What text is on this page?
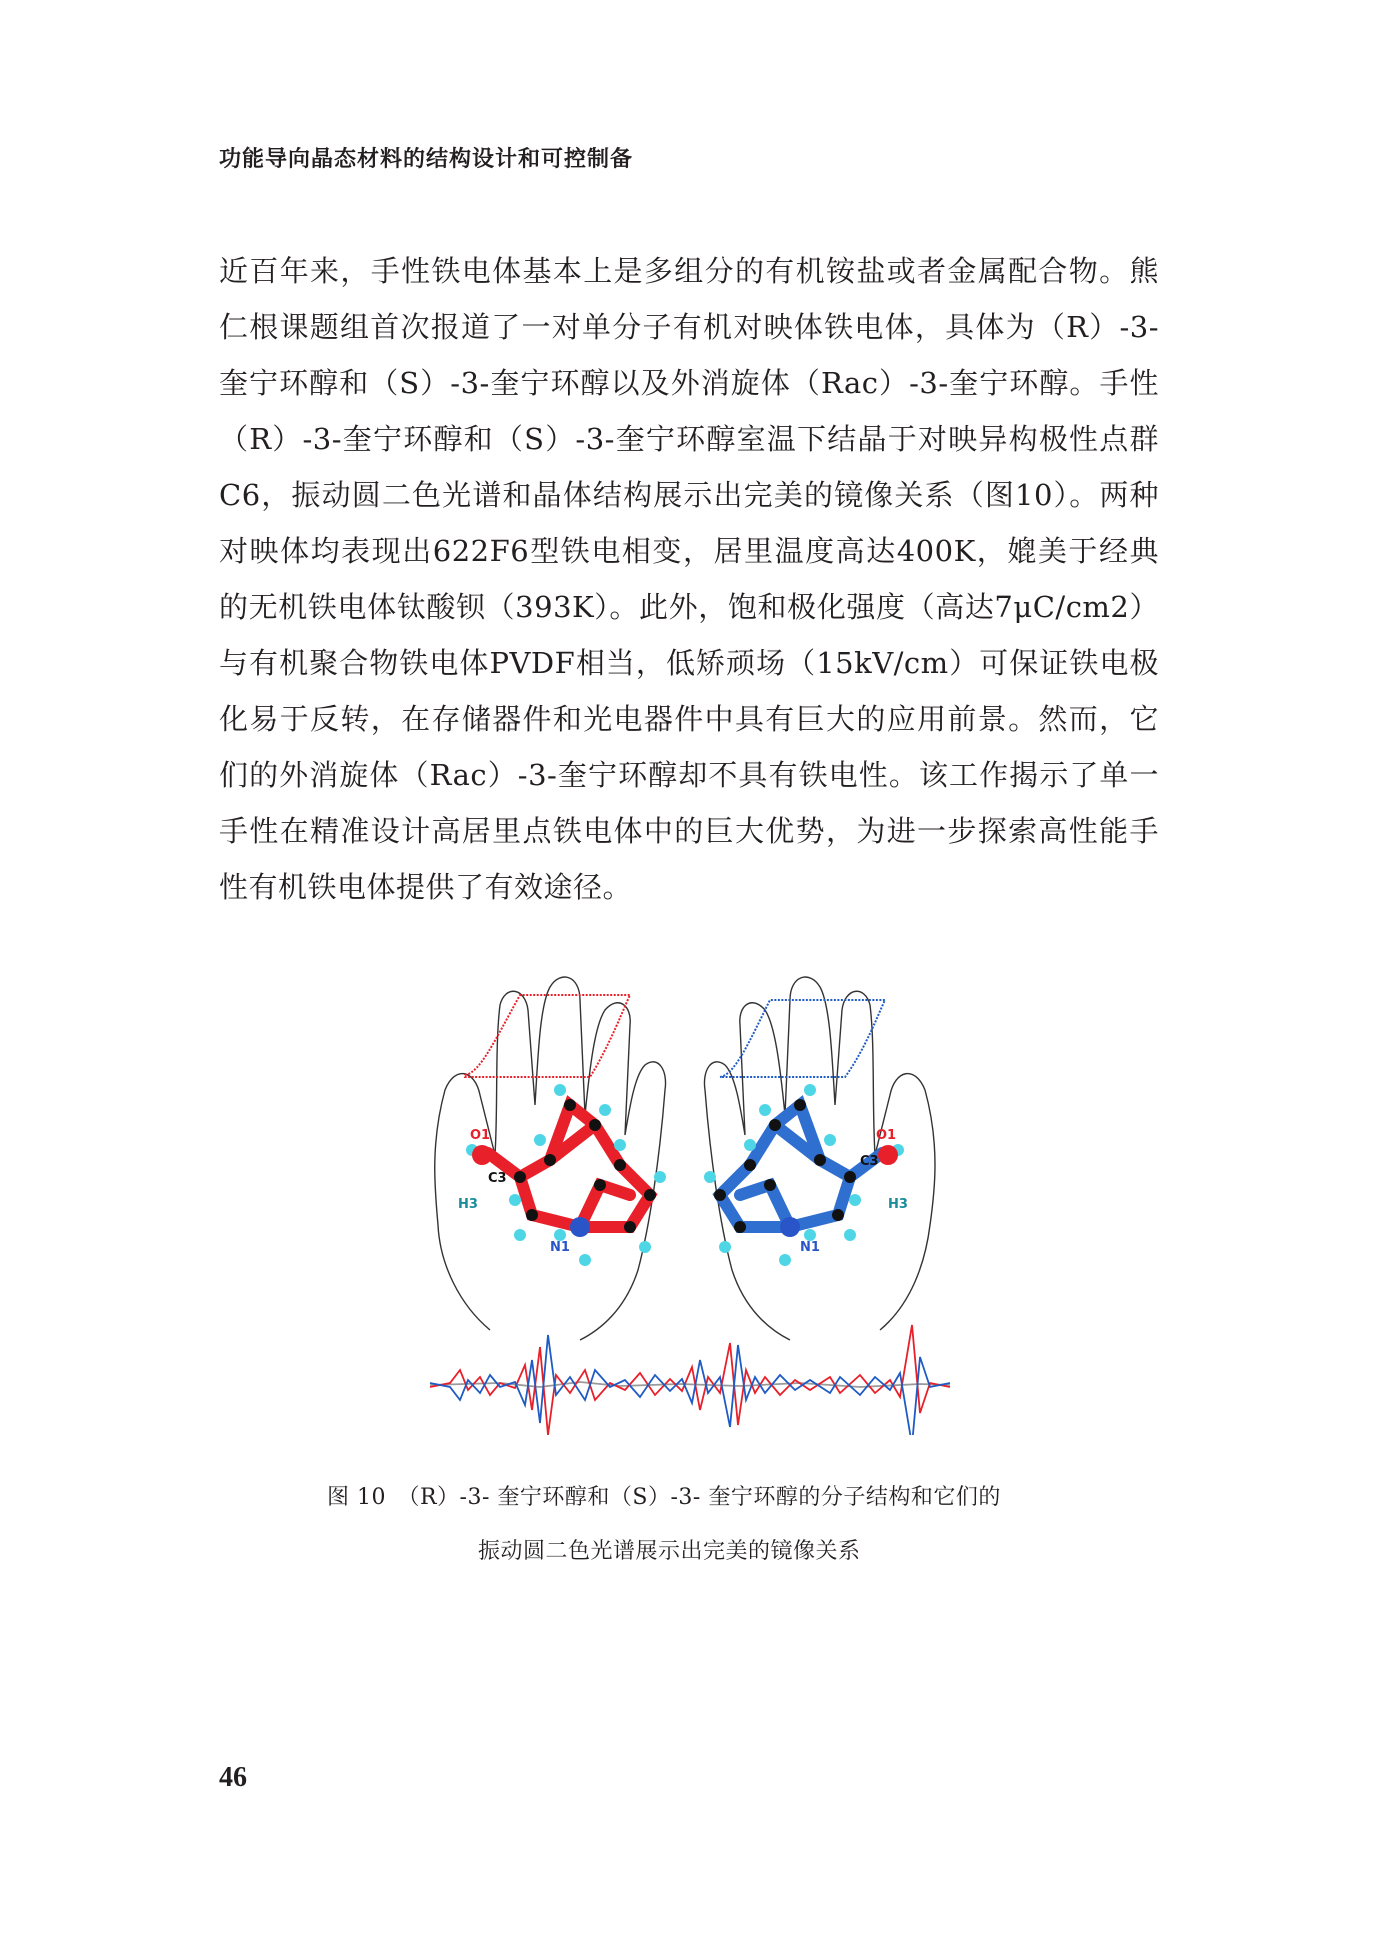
功能导向晶态材料的结构设计和可控制备

近百年来，手性铁电体基本上是多组分的有机铵盐或者金属配合物。熊仁根课题组首次报道了一对单分子有机对映体铁电体，具体为（R）-3-奎宁环醇和（S）-3-奎宁环醇以及外消旋体（Rac）-3-奎宁环醇。手性（R）-3-奎宁环醇和（S）-3-奎宁环醇室温下结晶于对映异构极性点群C6，振动圆二色光谱和晶体结构展示出完美的镜像关系（图10）。两种对映体均表现出622F6型铁电相变，居里温度高达400K，媲美于经典的无机铁电体钛酸钡（393K）。此外，饱和极化强度（高达7μC/cm2）与有机聚合物铁电体PVDF相当，低矫顽场（15kV/cm）可保证铁电极化易于反转，在存储器件和光电器件中具有巨大的应用前景。然而，它们的外消旋体（Rac）-3-奎宁环醇却不具有铁电性。该工作揭示了单一手性在精准设计高居里点铁电体中的巨大优势，为进一步探索高性能手性有机铁电体提供了有效途径。

O1
C3
H3
N1
O1
C3
H3
N1
图 10　（R）-3- 奎宁环醇和（S）-3- 奎宁环醇的分子结构和它们的
振动圆二色光谱展示出完美的镜像关系
46
